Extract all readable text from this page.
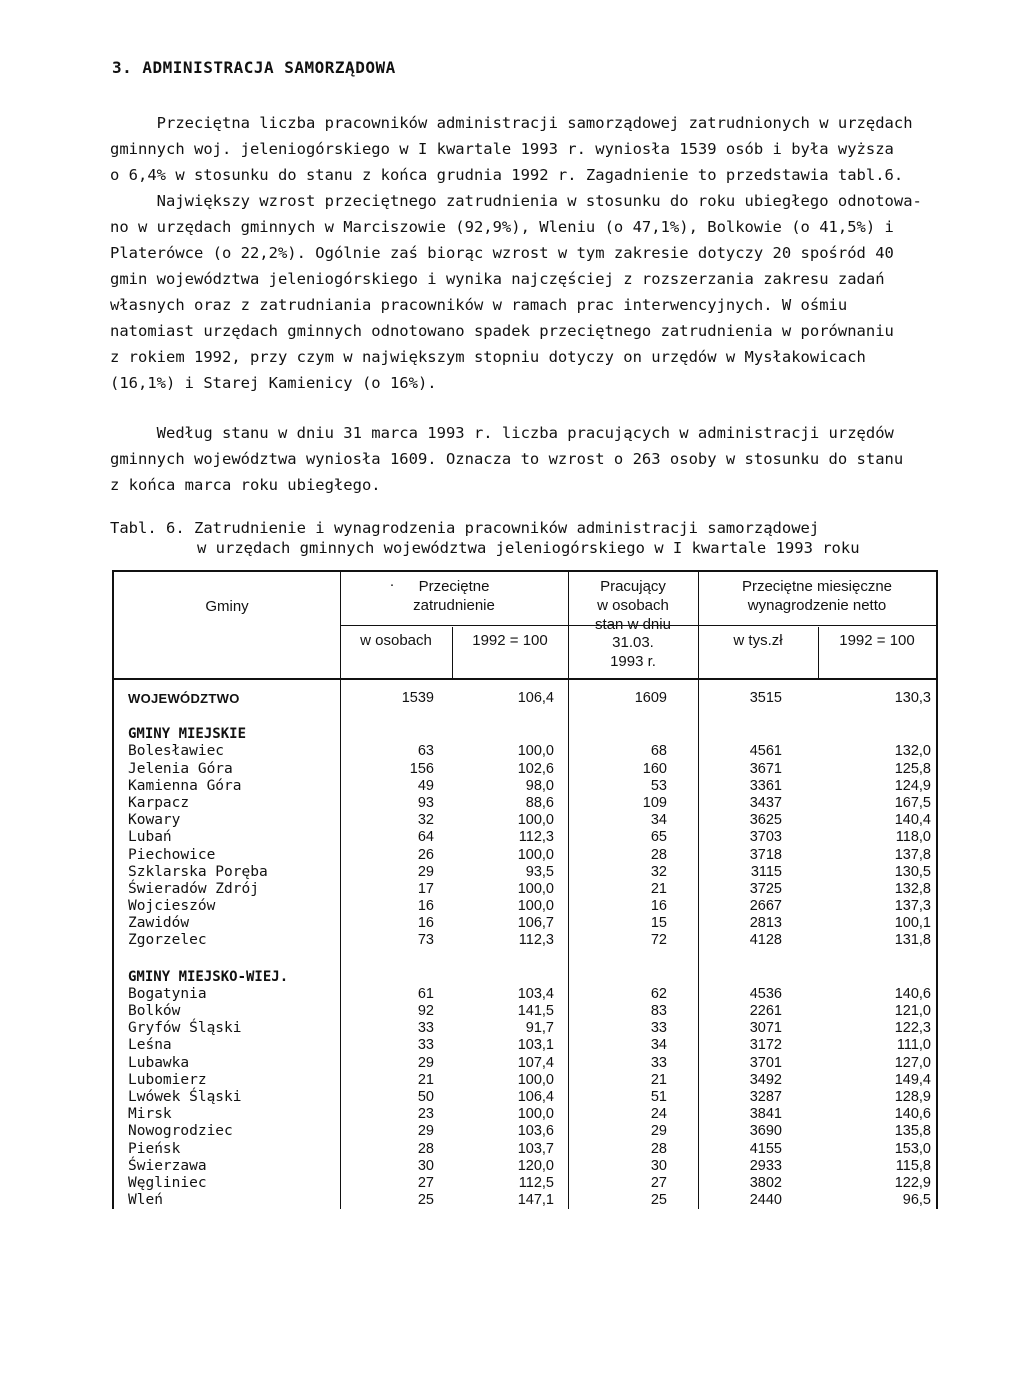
3. ADMINISTRACJA SAMORZĄDOWA
Przeciętna liczba pracowników administracji samorządowej zatrudnionych w urzędach
gminnych woj. jeleniogórskiego w I kwartale 1993 r. wyniosła 1539 osób i była wyższa
o 6,4% w stosunku do stanu z końca grudnia 1992 r. Zagadnienie to przedstawia tabl.6.
Największy wzrost przeciętnego zatrudnienia w stosunku do roku ubiegłego odnotowa-
no w urzędach gminnych w Marciszowie (92,9%), Wleniu (o 47,1%), Bolkowie (o 41,5%) i
Platerówce (o 22,2%). Ogólnie zaś biorąc wzrost w tym zakresie dotyczy 20 spośród 40
gmin województwa jeleniogórskiego i wynika najczęściej z rozszerzania zakresu zadań
własnych oraz z zatrudniania pracowników w ramach prac interwencyjnych. W ośmiu
natomiast urzędach gminnych odnotowano spadek przeciętnego zatrudnienia w porównaniu
z rokiem 1992, przy czym w największym stopniu dotyczy on urzędów w Mysłakowicach
(16,1%) i Starej Kamienicy (o 16%).
Według stanu w dniu 31 marca 1993 r. liczba pracujących w administracji urzędów
gminnych województwa wyniosła 1609. Oznacza to wzrost o 263 osoby w stosunku do stanu
z końca marca roku ubiegłego.
Tabl. 6. Zatrudnienie i wynagrodzenia pracowników administracji samorządowej
w urzędach gminnych województwa jeleniogórskiego w I kwartale 1993 roku
Gminy
·	Przeciętne
zatrudnienie
w osobach	1992 = 100
Pracujący
w osobach
stan w dniu
31.03.
1993 r.
Przeciętne miesięczne
wynagrodzenie netto
w tys.zł	1992 = 100
WOJEWÓDZTWO	1539	106,4	1609	3515	130,3
GMINY MIEJSKIE
Bolesławiec	63	100,0	68	4561	132,0
Jelenia Góra	156	102,6	160	3671	125,8
Kamienna Góra	49	98,0	53	3361	124,9
Karpacz	93	88,6	109	3437	167,5
Kowary	32	100,0	34	3625	140,4
Lubań	64	112,3	65	3703	118,0
Piechowice	26	100,0	28	3718	137,8
Szklarska Poręba	29	93,5	32	3115	130,5
Świeradów Zdrój	17	100,0	21	3725	132,8
Wojcieszów	16	100,0	16	2667	137,3
Zawidów	16	106,7	15	2813	100,1
Zgorzelec	73	112,3	72	4128	131,8
GMINY MIEJSKO-WIEJ.
Bogatynia	61	103,4	62	4536	140,6
Bolków	92	141,5	83	2261	121,0
Gryfów Śląski	33	91,7	33	3071	122,3
Leśna	33	103,1	34	3172	111,0
Lubawka	29	107,4	33	3701	127,0
Lubomierz	21	100,0	21	3492	149,4
Lwówek Śląski	50	106,4	51	3287	128,9
Mirsk	23	100,0	24	3841	140,6
Nowogrodziec	29	103,6	29	3690	135,8
Pieńsk	28	103,7	28	4155	153,0
Świerzawa	30	120,0	30	2933	115,8
Węgliniec	27	112,5	27	3802	122,9
Wleń	25	147,1	25	2440	96,5
